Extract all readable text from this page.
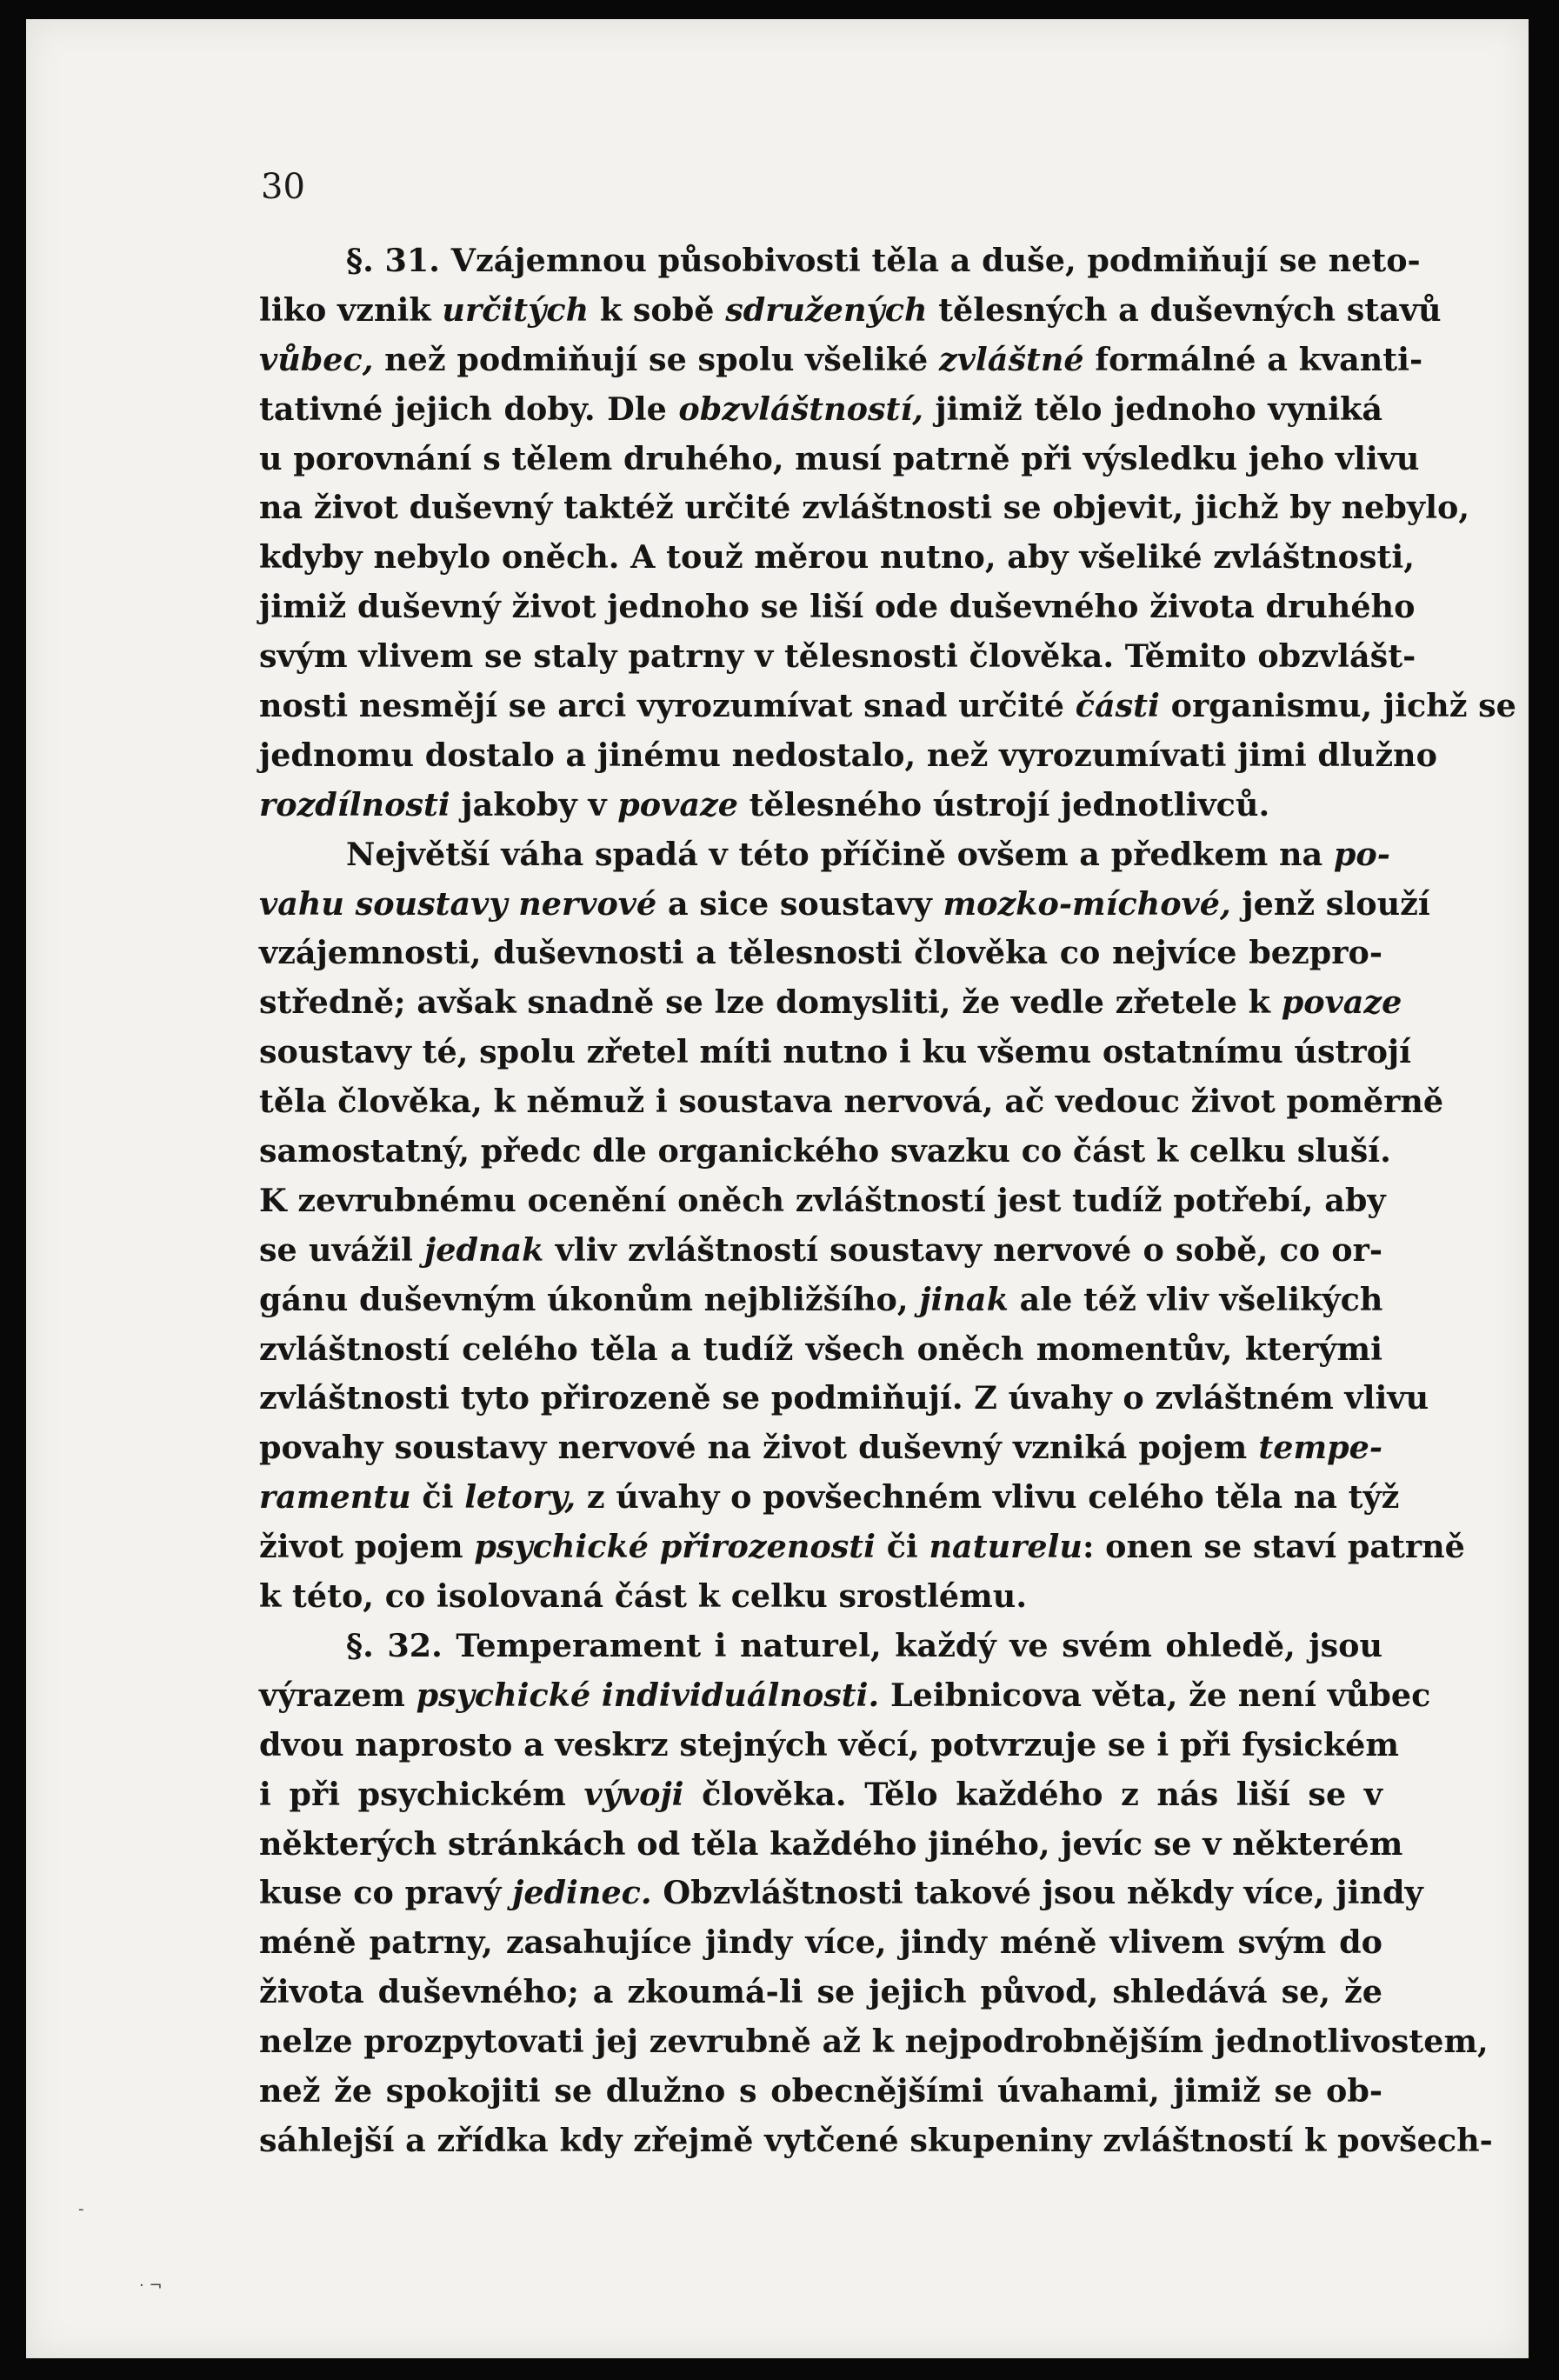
30
§. 31. Vzájemnou působivosti těla a duše, podmiňují se neto-
liko vznik určitých k sobě sdružených tělesných a duševných stavů
vůbec, než podmiňují se spolu všeliké zvláštné formálné a kvanti-
tativné jejich doby. Dle obzvláštností, jimiž tělo jednoho vyniká
u porovnání s tělem druhého, musí patrně při výsledku jeho vlivu
na život duševný taktéž určité zvláštnosti se objevit, jichž by nebylo,
kdyby nebylo oněch. A touž měrou nutno, aby všeliké zvláštnosti,
jimiž duševný život jednoho se liší ode duševného života druhého
svým vlivem se staly patrny v tělesnosti člověka. Těmito obzvlášt-
nosti nesmějí se arci vyrozumívat snad určité části organismu, jichž se
jednomu dostalo a jinému nedostalo, než vyrozumívati jimi dlužno
rozdílnosti jakoby v povaze tělesného ústrojí jednotlivců.
Největší váha spadá v této příčině ovšem a předkem na po-
vahu soustavy nervové a sice soustavy mozko-míchové, jenž slouží
vzájemnosti, duševnosti a tělesnosti člověka co nejvíce bezpro-
středně; avšak snadně se lze domysliti, že vedle zřetele k povaze
soustavy té, spolu zřetel míti nutno i ku všemu ostatnímu ústrojí
těla člověka, k němuž i soustava nervová, ač vedouc život poměrně
samostatný, předc dle organického svazku co část k celku sluší.
K zevrubnému ocenění oněch zvláštností jest tudíž potřebí, aby
se uvážil jednak vliv zvláštností soustavy nervové o sobě, co or-
gánu duševným úkonům nejbližšího, jinak ale též vliv všelikých
zvláštností celého těla a tudíž všech oněch momentův, kterými
zvláštnosti tyto přirozeně se podmiňují. Z úvahy o zvláštném vlivu
povahy soustavy nervové na život duševný vzniká pojem tempe-
ramentu či letory, z úvahy o povšechném vlivu celého těla na týž
život pojem psychické přirozenosti či naturelu: onen se staví patrně
k této, co isolovaná část k celku srostlému.
§. 32. Temperament i naturel, každý ve svém ohledě, jsou
výrazem psychické individuálnosti. Leibnicova věta, že není vůbec
dvou naprosto a veskrz stejných věcí, potvrzuje se i při fysickém
i při psychickém vývoji člověka. Tělo každého z nás liší se v
některých stránkách od těla každého jiného, jevíc se v některém
kuse co pravý jedinec. Obzvláštnosti takové jsou někdy více, jindy
méně patrny, zasahujíce jindy více, jindy méně vlivem svým do
života duševného; a zkoumá-li se jejich původ, shledává se, že
nelze prozpytovati jej zevrubně až k nejpodrobnějším jednotlivostem,
než že spokojiti se dlužno s obecnějšími úvahami, jimiž se ob-
sáhlejší a zřídka kdy zřejmě vytčené skupeniny zvláštností k povšech-
-
· ¬
